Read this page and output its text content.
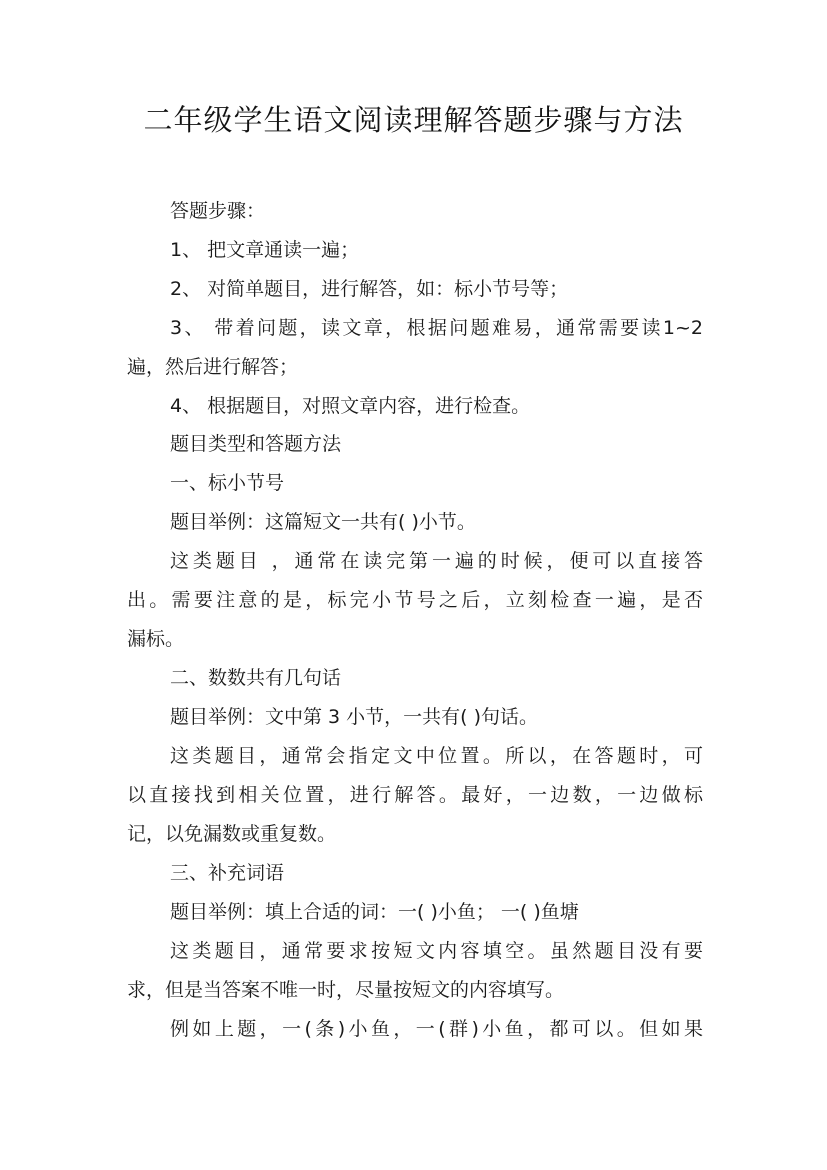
二年级学生语文阅读理解答题步骤与方法
答题步骤：
1、 把文章通读一遍；
2、 对简单题目，进行解答，如：标小节号等；
3、 带着问题，读文章，根据问题难易，通常需要读1~2
遍，然后进行解答；
4、 根据题目，对照文章内容，进行检查。
题目类型和答题方法
一、标小节号
题目举例：这篇短文一共有( )小节。
这类题目 ，通常在读完第一遍的时候，便可以直接答
出。需要注意的是，标完小节号之后，立刻检查一遍，是否
漏标。
二、数数共有几句话
题目举例：文中第 3 小节，一共有( )句话。
这类题目，通常会指定文中位置。所以，在答题时，可
以直接找到相关位置，进行解答。最好，一边数，一边做标
记，以免漏数或重复数。
三、补充词语
题目举例：填上合适的词：一( )小鱼； 一( )鱼塘
这类题目，通常要求按短文内容填空。虽然题目没有要
求，但是当答案不唯一时，尽量按短文的内容填写。
例如上题，一(条)小鱼，一(群)小鱼，都可以。但如果
